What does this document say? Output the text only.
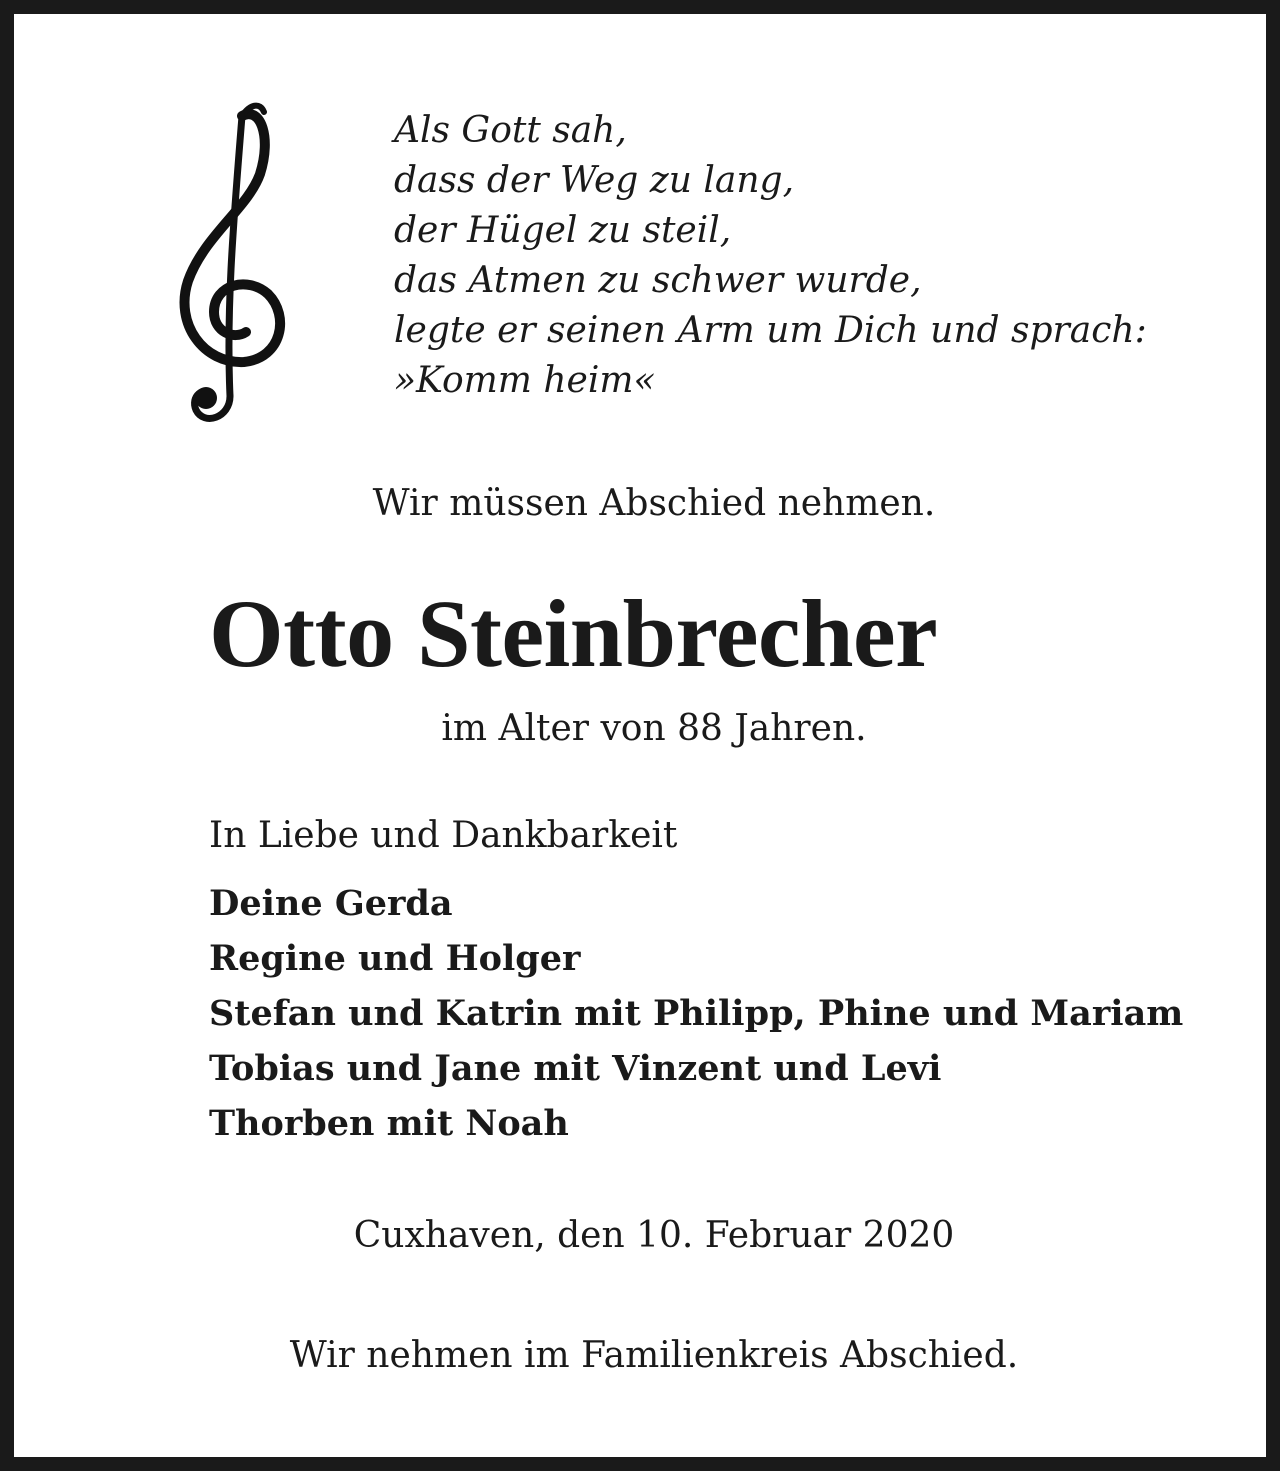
Als Gott sah,
dass der Weg zu lang,
der Hügel zu steil,
das Atmen zu schwer wurde,
legte er seinen Arm um Dich und sprach:
»Komm heim«
Wir müssen Abschied nehmen.
Otto Steinbrecher
im Alter von 88 Jahren.
In Liebe und Dankbarkeit
Deine Gerda
Regine und Holger
Stefan und Katrin mit Philipp, Phine und Mariam
Tobias und Jane mit Vinzent und Levi
Thorben mit Noah
Cuxhaven, den 10. Februar 2020
Wir nehmen im Familienkreis Abschied.
